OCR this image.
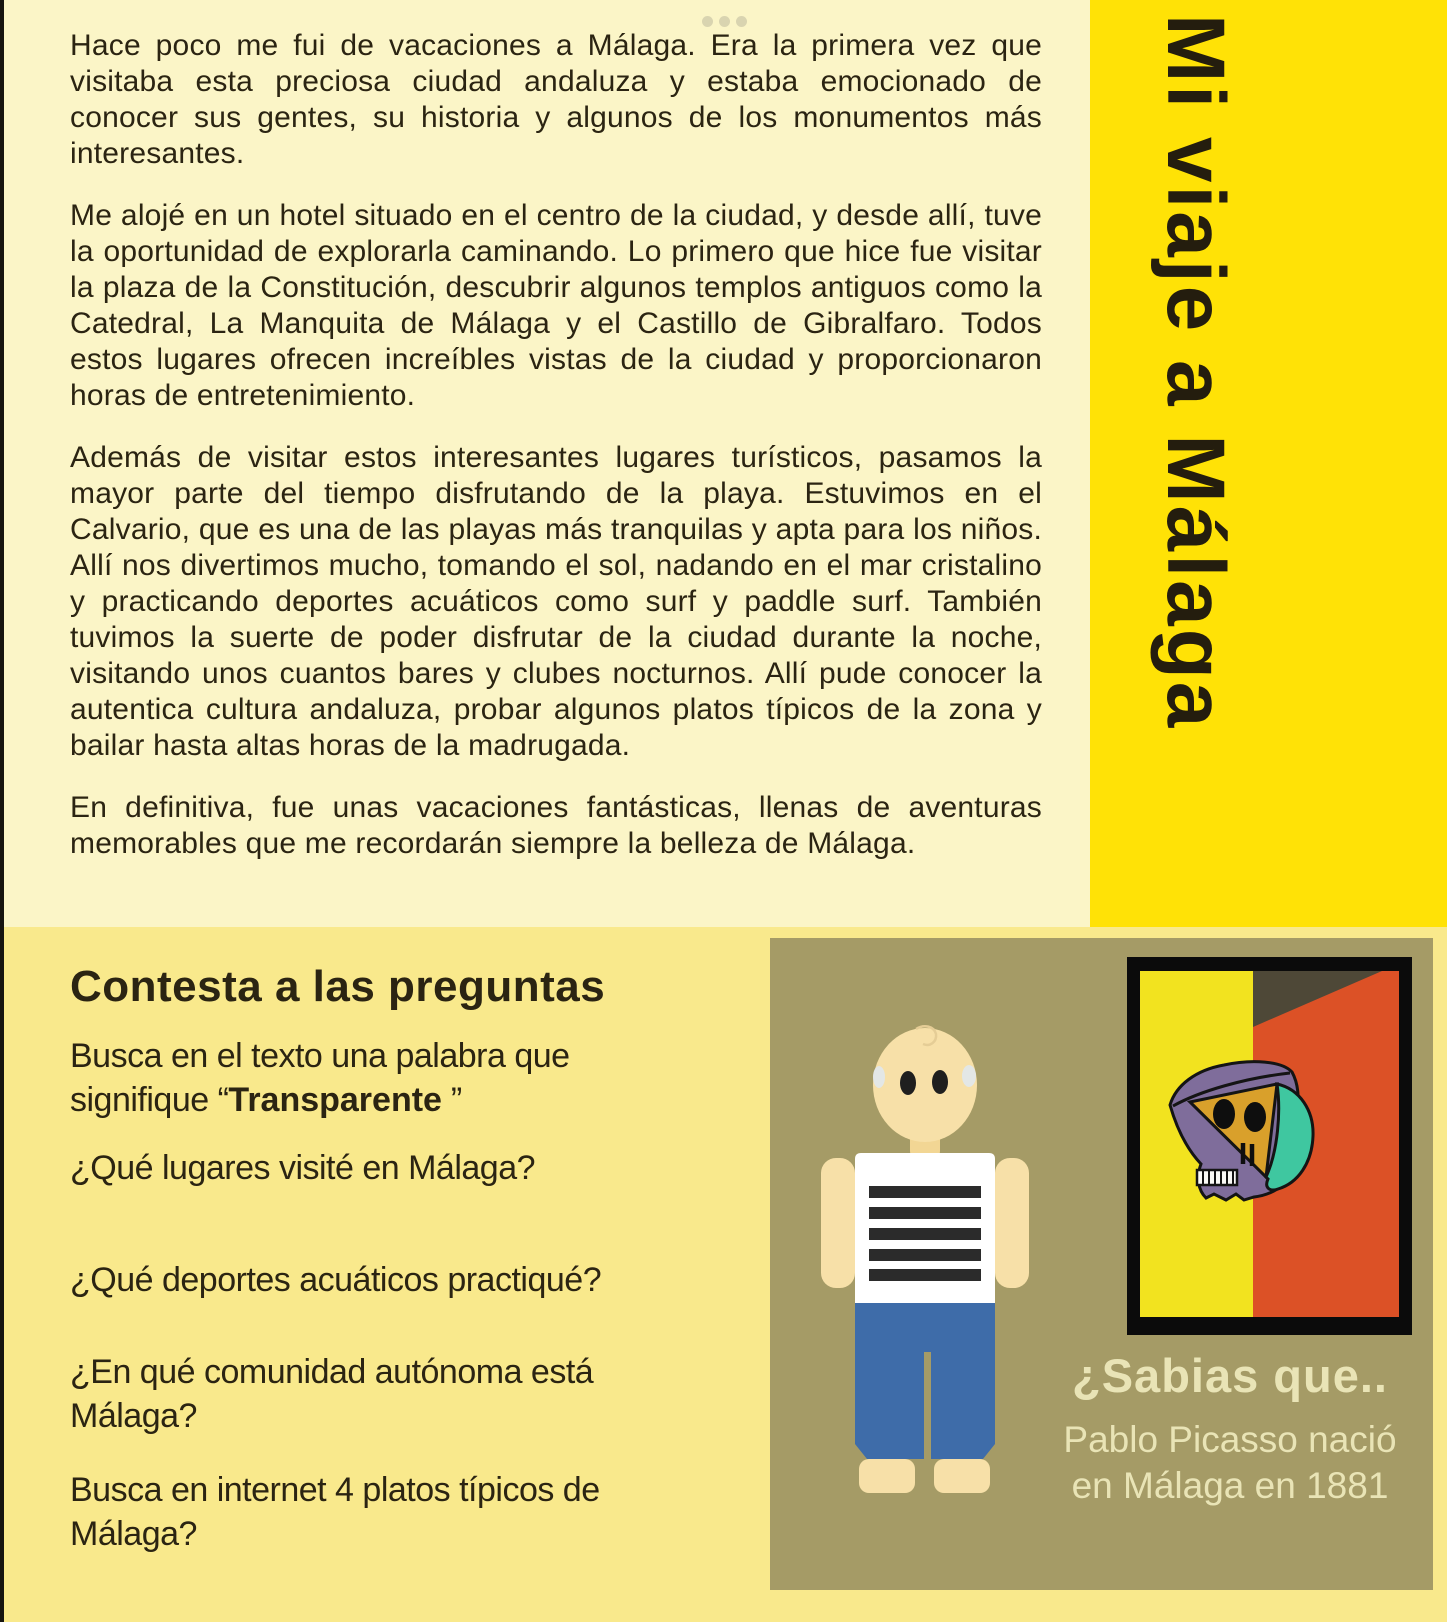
Hace poco me fui de vacaciones a Málaga. Era la primera vez que visitaba esta preciosa ciudad andaluza y estaba emocionado de conocer sus gentes, su historia y algunos de los monumentos más interesantes.

Me alojé en un hotel situado en el centro de la ciudad, y desde allí, tuve la oportunidad de explorarla caminando. Lo primero que hice fue visitar la plaza de la Constitución, descubrir algunos templos antiguos como la Catedral, La Manquita de Málaga y el Castillo de Gibralfaro. Todos estos lugares ofrecen increíbles vistas de la ciudad y proporcionaron horas de entretenimiento.

Además de visitar estos interesantes lugares turísticos, pasamos la mayor parte del tiempo disfrutando de la playa. Estuvimos en el Calvario, que es una de las playas más tranquilas y apta para los niños. Allí nos divertimos mucho, tomando el sol, nadando en el mar cristalino y practicando deportes acuáticos como surf y paddle surf. También tuvimos la suerte de poder disfrutar de la ciudad durante la noche, visitando unos cuantos bares y clubes nocturnos. Allí pude conocer la autentica cultura andaluza, probar algunos platos típicos de la zona y bailar hasta altas horas de la madrugada.

En definitiva, fue unas vacaciones fantásticas, llenas de aventuras memorables que me recordarán siempre la belleza de Málaga.

Mi viaje a Málaga
Contesta a las preguntas
Busca en el texto una palabra que signifique “Transparente ”
¿Qué lugares visité en Málaga?
¿Qué deportes acuáticos practiqué?
¿En qué comunidad autónoma está Málaga?
Busca en internet 4 platos típicos de Málaga?

¿Sabias que..

Pablo Picasso nació

en Málaga en 1881
